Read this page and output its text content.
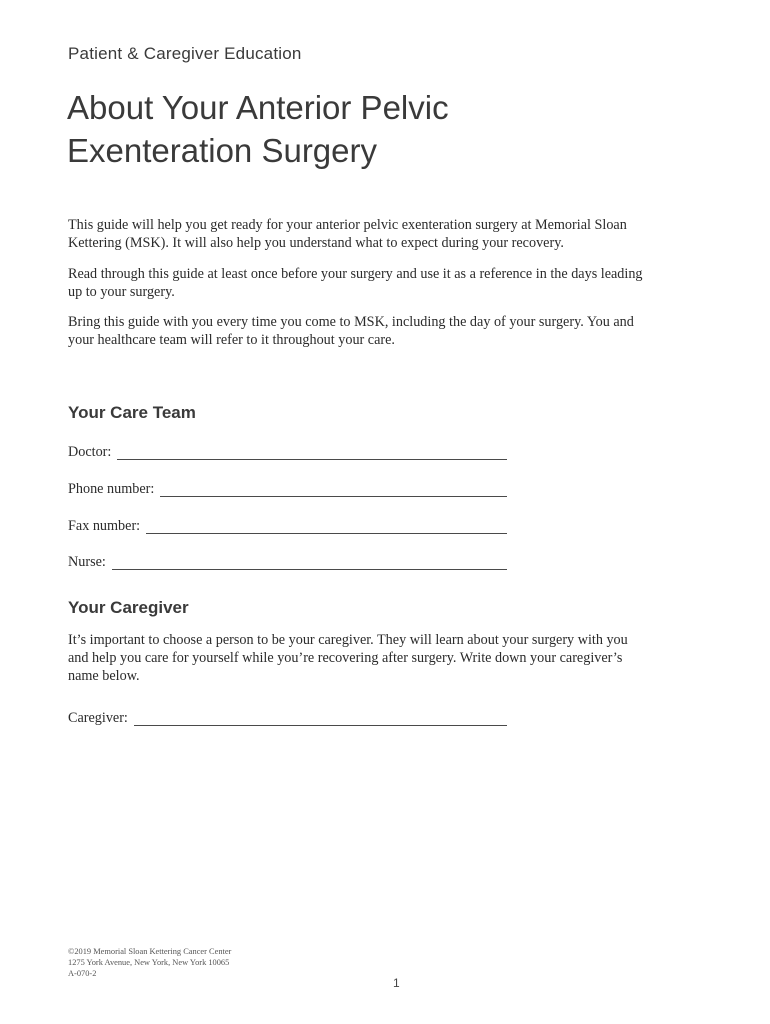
Patient & Caregiver Education
About Your Anterior Pelvic
Exenteration Surgery

This guide will help you get ready for your anterior pelvic exenteration surgery at Memorial Sloan
Kettering (MSK). It will also help you understand what to expect during your recovery.

Read through this guide at least once before your surgery and use it as a reference in the days leading
up to your surgery.

Bring this guide with you every time you come to MSK, including the day of your surgery. You and
your healthcare team will refer to it throughout your care.

Your Care Team
Doctor:
Phone number:
Fax number:
Nurse:
Your Caregiver

It’s important to choose a person to be your caregiver. They will learn about your surgery with you
and help you care for yourself while you’re recovering after surgery. Write down your caregiver’s
name below.

Caregiver:
©2019 Memorial Sloan Kettering Cancer Center
1275 York Avenue, New York, New York 10065
A-070-2
1
